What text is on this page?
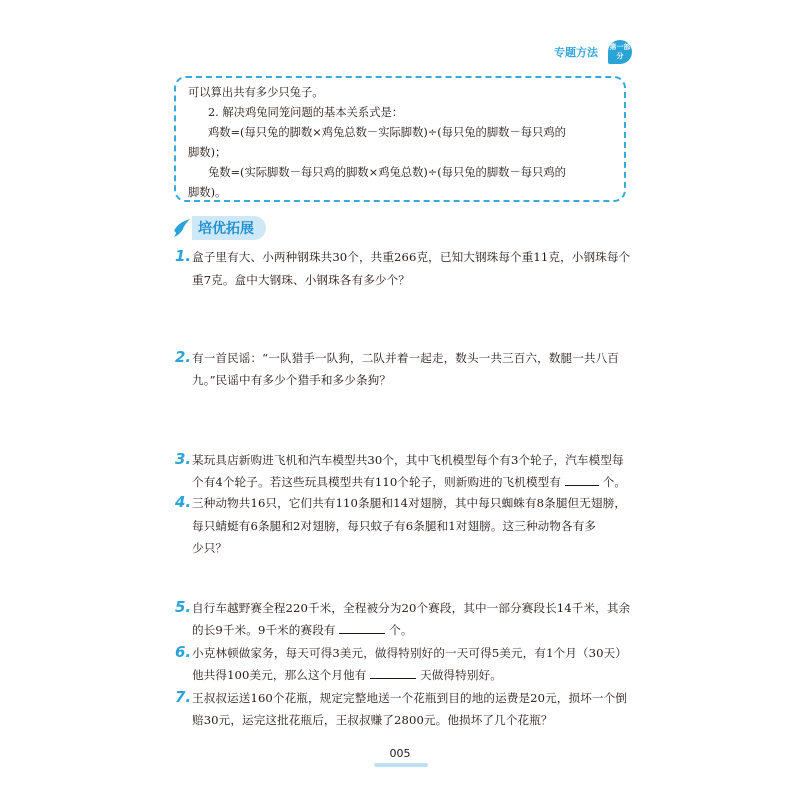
专题方法 第一部分
可以算出共有多少只兔子。
2. 解决鸡兔同笼问题的基本关系式是：
鸡数=(每只兔的脚数×鸡兔总数－实际脚数)÷(每只兔的脚数－每只鸡的
脚数)；
兔数=(实际脚数－每只鸡的脚数×鸡兔总数)÷(每只兔的脚数－每只鸡的
脚数)。
培优拓展
1. 盒子里有大、小两种钢珠共30个，共重266克，已知大钢珠每个重11克，小钢珠每个
重7克。盒中大钢珠、小钢珠各有多少个？
2. 有一首民谣：“一队猎手一队狗，二队并着一起走，数头一共三百六，数腿一共八百
九。”民谣中有多少个猎手和多少条狗？
3. 某玩具店新购进飞机和汽车模型共30个，其中飞机模型每个有3个轮子，汽车模型每
个有4个轮子。若这些玩具模型共有110个轮子，则新购进的飞机模型有	个。
4. 三种动物共16只，它们共有110条腿和14对翅膀，其中每只蜘蛛有8条腿但无翅膀，
每只蜻蜓有6条腿和2对翅膀，每只蚊子有6条腿和1对翅膀。这三种动物各有多
少只？
5. 自行车越野赛全程220千米，全程被分为20个赛段，其中一部分赛段长14千米，其余
的长9千米。9千米的赛段有	个。
6. 小克林顿做家务，每天可得3美元，做得特别好的一天可得5美元，有1个月（30天）
他共得100美元，那么这个月他有	天做得特别好。
7. 王叔叔运送160个花瓶，规定完整地送一个花瓶到目的地的运费是20元，损坏一个倒
赔30元，运完这批花瓶后，王叔叔赚了2800元。他损坏了几个花瓶？
005
